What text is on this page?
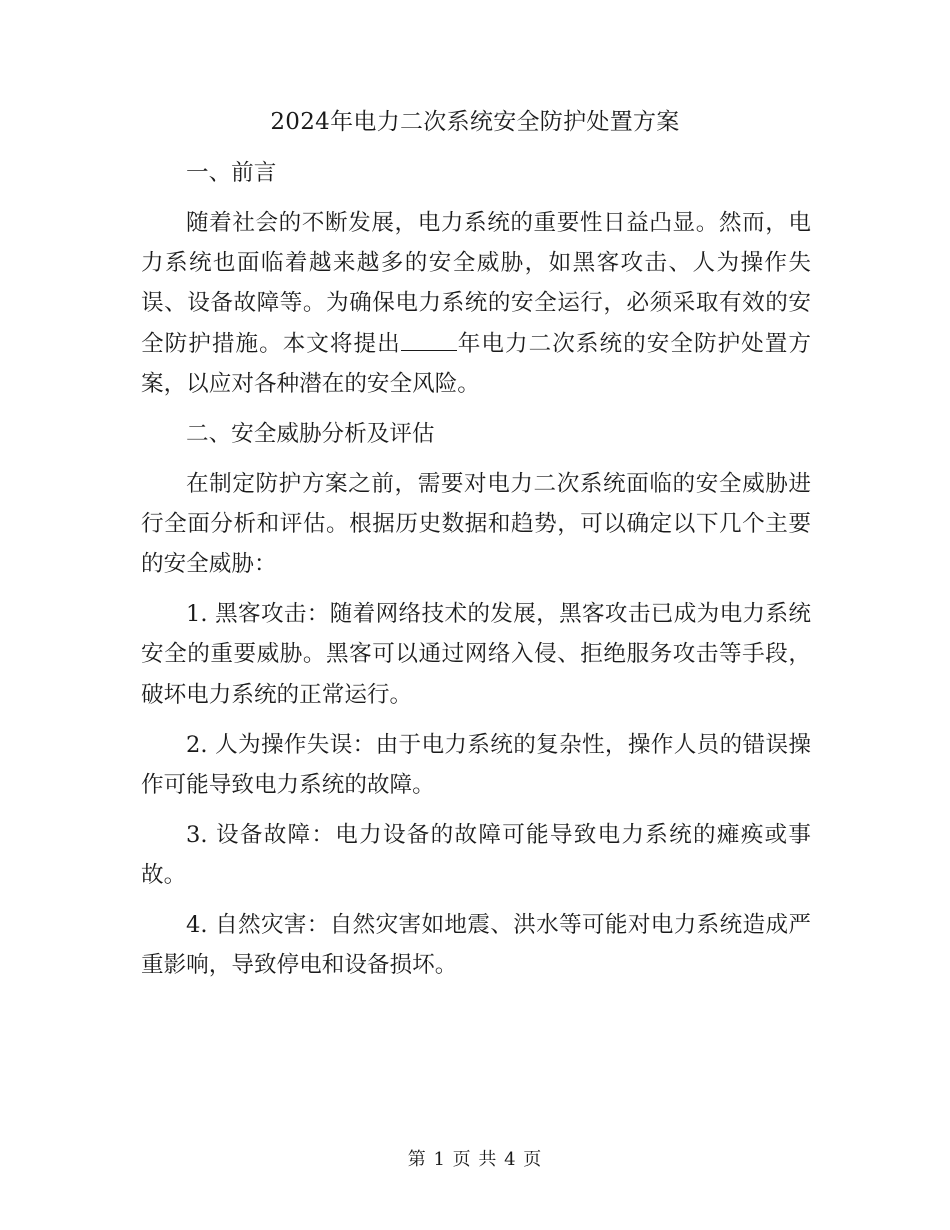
2024年电力二次系统安全防护处置方案

一、前言

随着社会的不断发展，电力系统的重要性日益凸显。然而，电力系统也面临着越来越多的安全威胁，如黑客攻击、人为操作失误、设备故障等。为确保电力系统的安全运行，必须采取有效的安全防护措施。本文将提出 年电力二次系统的安全防护处置方案，以应对各种潜在的安全风险。

二、安全威胁分析及评估

在制定防护方案之前，需要对电力二次系统面临的安全威胁进行全面分析和评估。根据历史数据和趋势，可以确定以下几个主要的安全威胁：

1. 黑客攻击：随着网络技术的发展，黑客攻击已成为电力系统安全的重要威胁。黑客可以通过网络入侵、拒绝服务攻击等手段，破坏电力系统的正常运行。

2. 人为操作失误：由于电力系统的复杂性，操作人员的错误操作可能导致电力系统的故障。

3. 设备故障：电力设备的故障可能导致电力系统的瘫痪或事故。

4. 自然灾害：自然灾害如地震、洪水等可能对电力系统造成严重影响，导致停电和设备损坏。

第 1 页 共 4 页
